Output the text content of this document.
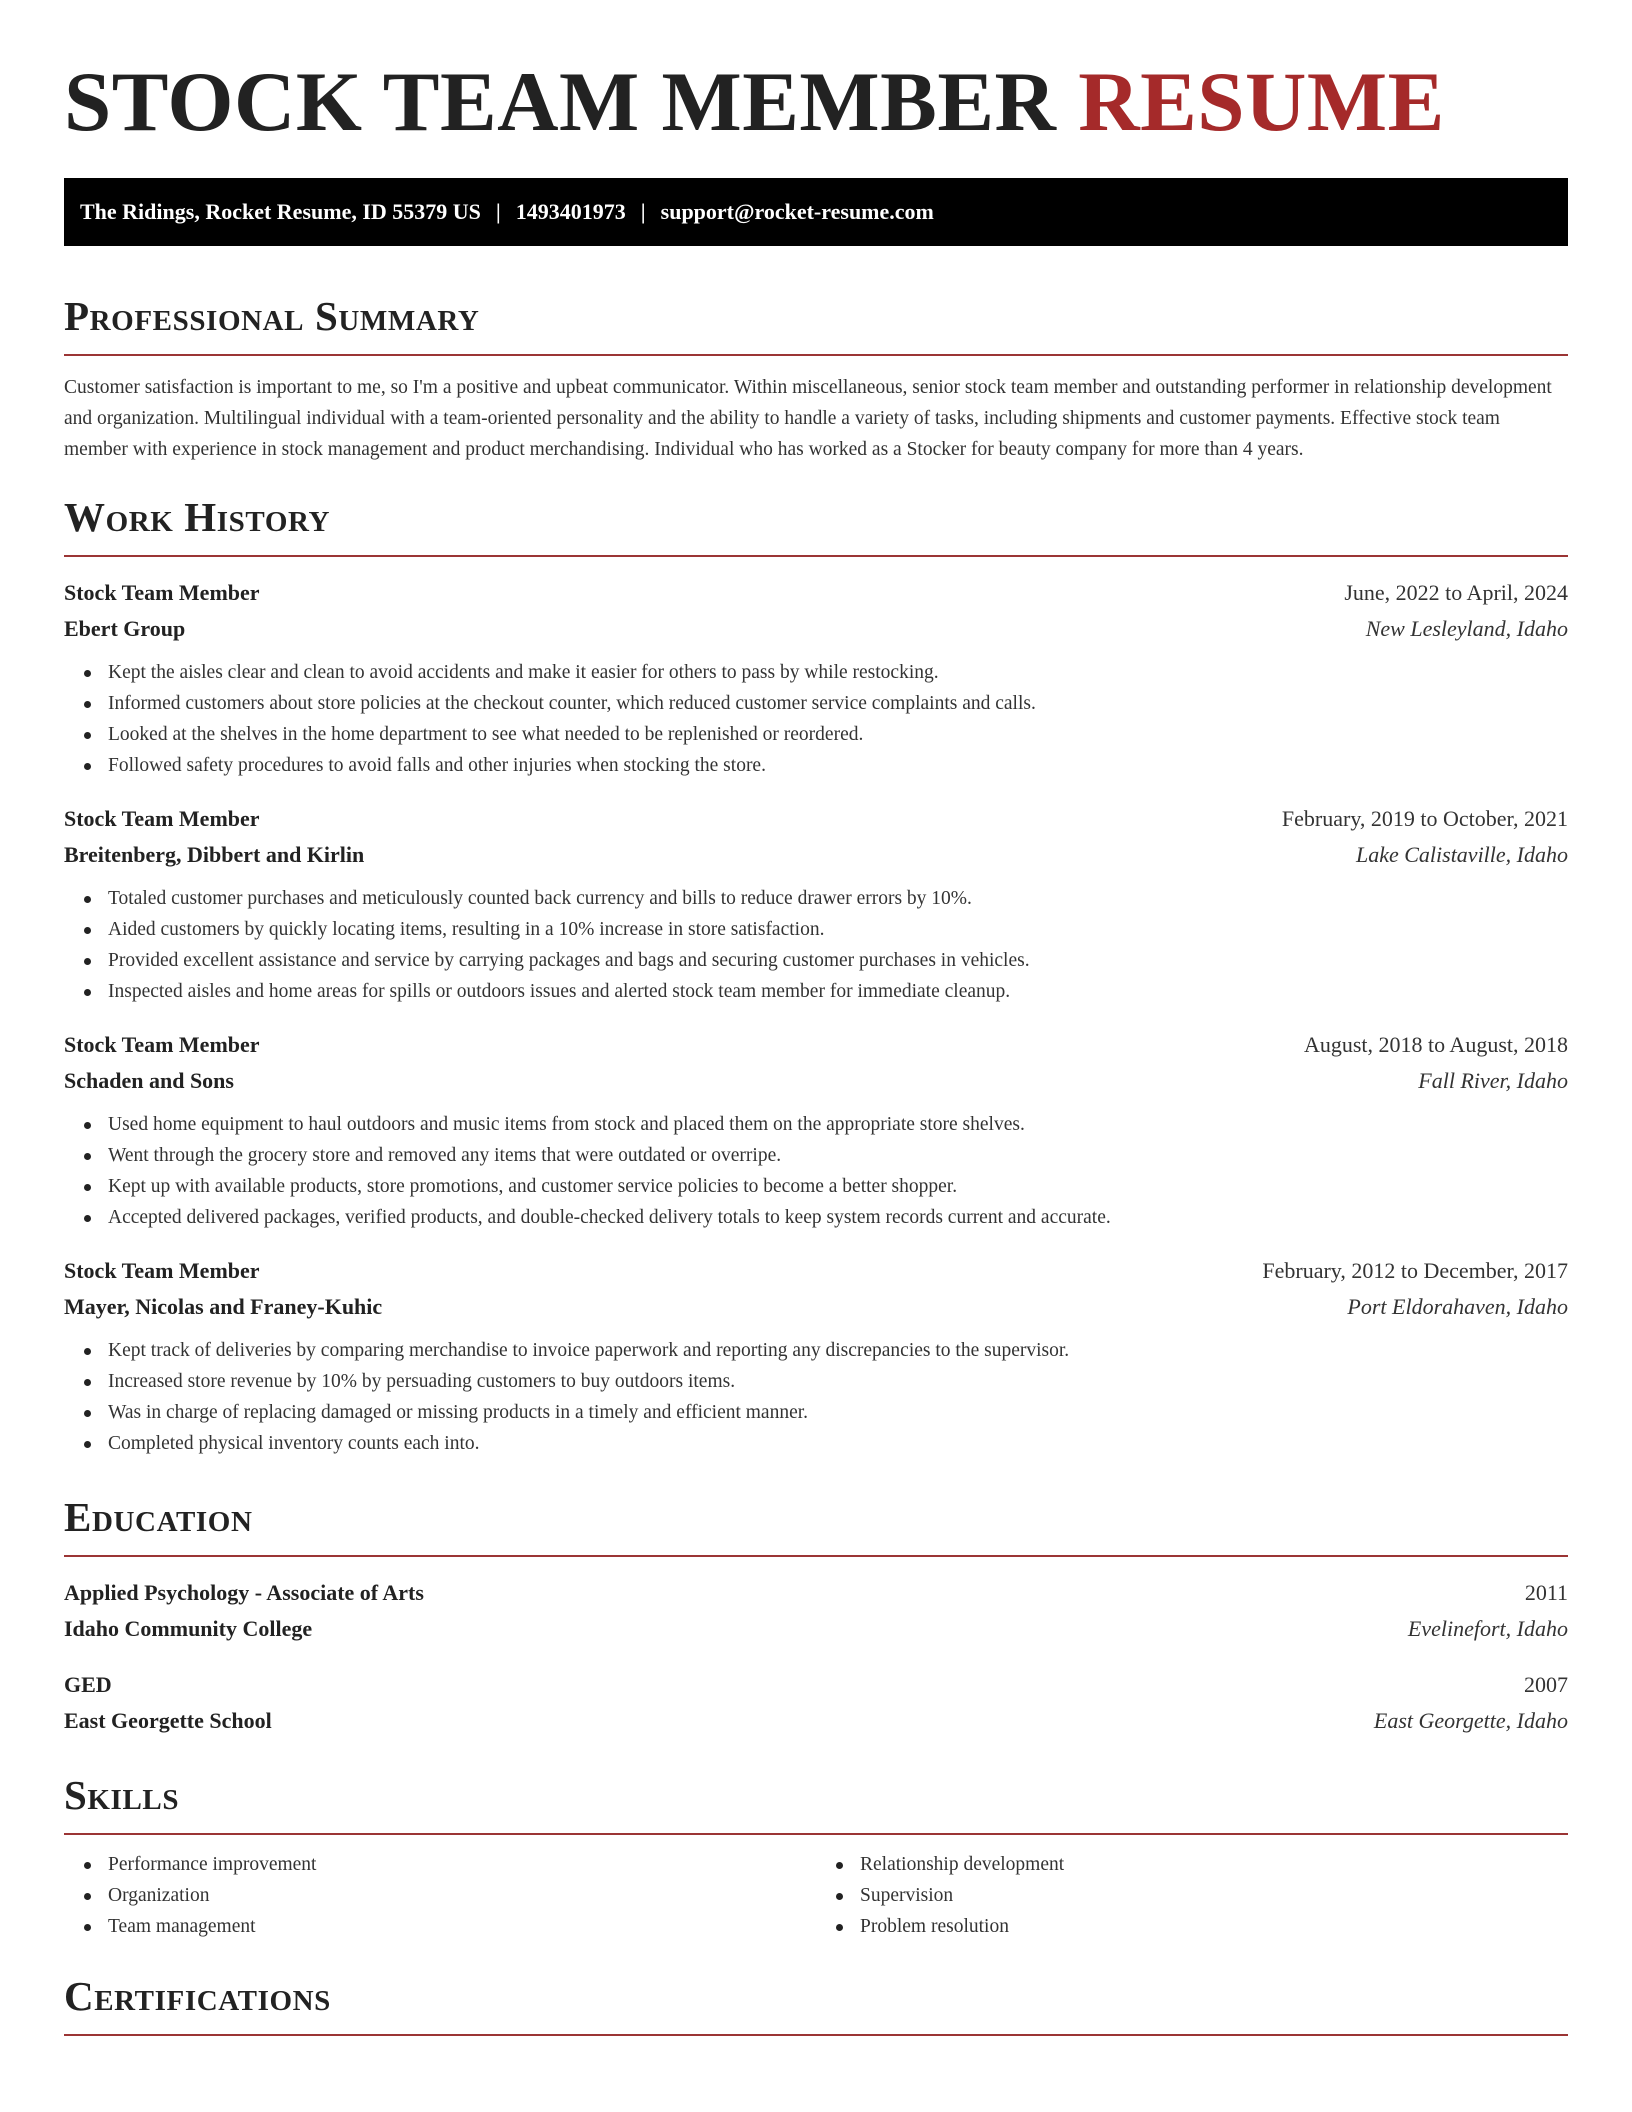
STOCK TEAM MEMBER RESUME
The Ridings, Rocket Resume, ID 55379 US | 1493401973 | support@rocket-resume.com
Professional Summary

Customer satisfaction is important to me, so I'm a positive and upbeat communicator. Within miscellaneous, senior stock team member and outstanding performer in relationship development and organization. Multilingual individual with a team-oriented personality and the ability to handle a variety of tasks, including shipments and customer payments. Effective stock team member with experience in stock management and product merchandising. Individual who has worked as a Stocker for beauty company for more than 4 years.

Work History
Stock Team Member	June, 2022 to April, 2024
Ebert Group	New Lesleyland, Idaho
Kept the aisles clear and clean to avoid accidents and make it easier for others to pass by while restocking.
Informed customers about store policies at the checkout counter, which reduced customer service complaints and calls.
Looked at the shelves in the home department to see what needed to be replenished or reordered.
Followed safety procedures to avoid falls and other injuries when stocking the store.
Stock Team Member	February, 2019 to October, 2021
Breitenberg, Dibbert and Kirlin	Lake Calistaville, Idaho
Totaled customer purchases and meticulously counted back currency and bills to reduce drawer errors by 10%.
Aided customers by quickly locating items, resulting in a 10% increase in store satisfaction.
Provided excellent assistance and service by carrying packages and bags and securing customer purchases in vehicles.
Inspected aisles and home areas for spills or outdoors issues and alerted stock team member for immediate cleanup.
Stock Team Member	August, 2018 to August, 2018
Schaden and Sons	Fall River, Idaho
Used home equipment to haul outdoors and music items from stock and placed them on the appropriate store shelves.
Went through the grocery store and removed any items that were outdated or overripe.
Kept up with available products, store promotions, and customer service policies to become a better shopper.
Accepted delivered packages, verified products, and double-checked delivery totals to keep system records current and accurate.
Stock Team Member	February, 2012 to December, 2017
Mayer, Nicolas and Franey-Kuhic	Port Eldorahaven, Idaho
Kept track of deliveries by comparing merchandise to invoice paperwork and reporting any discrepancies to the supervisor.
Increased store revenue by 10% by persuading customers to buy outdoors items.
Was in charge of replacing damaged or missing products in a timely and efficient manner.
Completed physical inventory counts each into.
Education
Applied Psychology - Associate of Arts	2011
Idaho Community College	Evelinefort, Idaho
GED	2007
East Georgette School	East Georgette, Idaho
Skills
Performance improvement
Organization
Team management
Relationship development
Supervision
Problem resolution
Certifications
